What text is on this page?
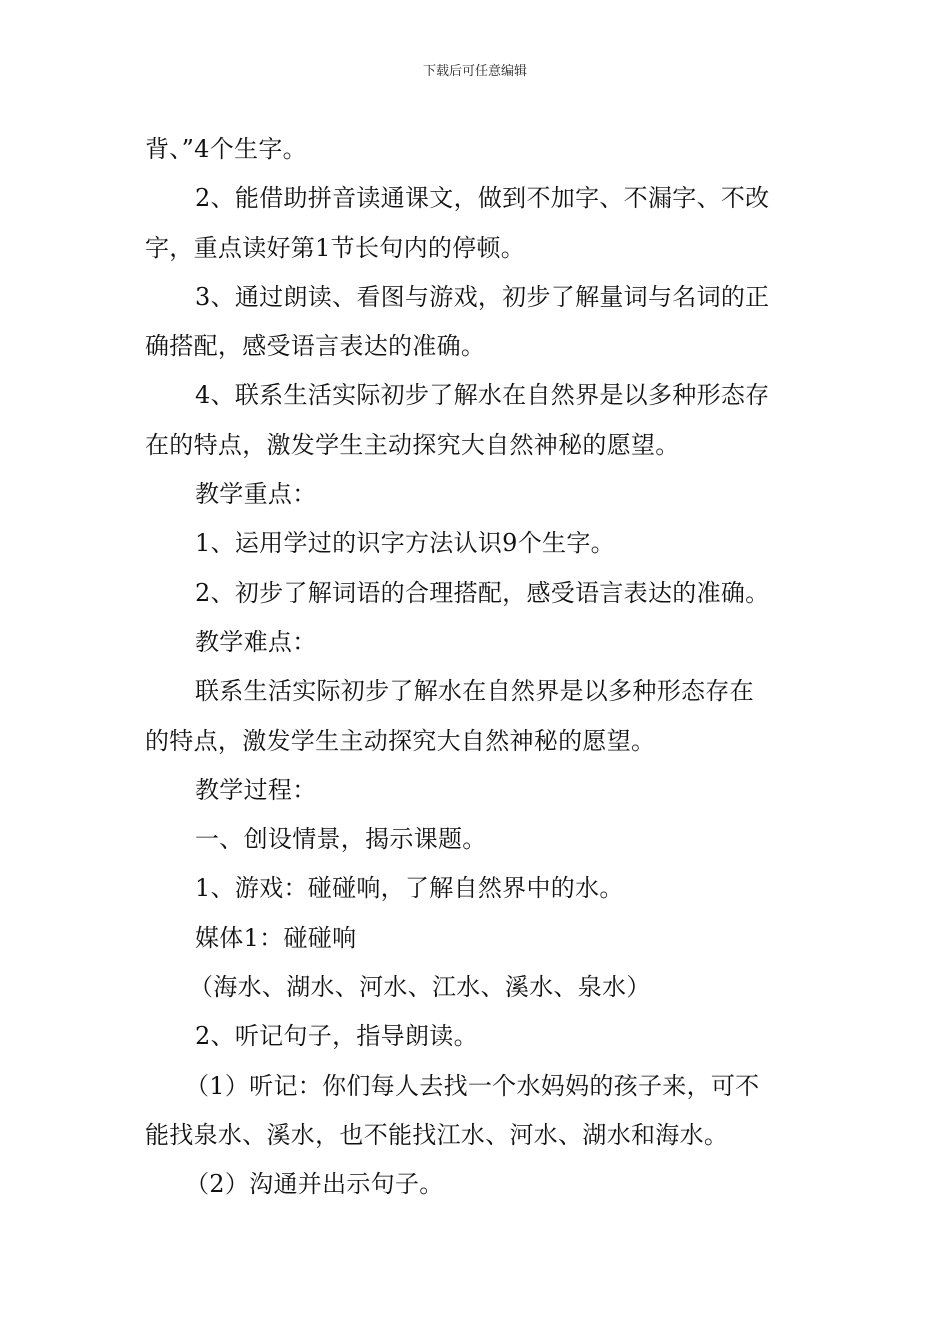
下载后可任意编辑
背、”4个生字。
2、能借助拼音读通课文，做到不加字、不漏字、不改
字，重点读好第1节长句内的停顿。
3、通过朗读、看图与游戏，初步了解量词与名词的正
确搭配，感受语言表达的准确。
4、联系生活实际初步了解水在自然界是以多种形态存
在的特点，激发学生主动探究大自然神秘的愿望。
教学重点：
1、运用学过的识字方法认识9个生字。
2、初步了解词语的合理搭配，感受语言表达的准确。
教学难点：
联系生活实际初步了解水在自然界是以多种形态存在
的特点，激发学生主动探究大自然神秘的愿望。
教学过程：
一、创设情景，揭示课题。
1、游戏：碰碰响，了解自然界中的水。
媒体1：碰碰响
（海水、湖水、河水、江水、溪水、泉水）
2、听记句子，指导朗读。
（1）听记：你们每人去找一个水妈妈的孩子来，可不
能找泉水、溪水，也不能找江水、河水、湖水和海水。
（2）沟通并出示句子。
